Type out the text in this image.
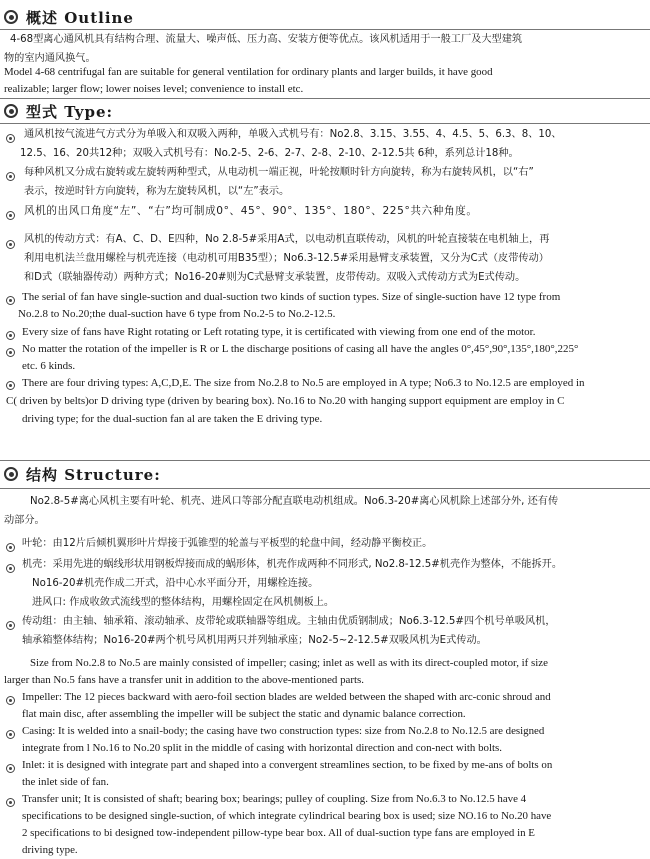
概述 Outline
4-68型离心通风机具有结构合理、流量大、噪声低、压力高、安装方便等优点。该风机适用于一般工厂及大型建筑
物的室内通风换气。
Model 4-68 centrifugal fan are suitable for general ventilation for ordinary plants and larger builds, it have good
realizable; larger flow; lower noises level; convenience to install etc.
型式 Type:
通风机按气流进气方式分为单吸入和双吸入两种，单吸入式机号有：No2.8、3.15、3.55、4、4.5、5、6.3、8、10、
12.5、16、20共12种；双吸入式机号有：No.2-5、2-6、2-7、2-8、2-10、2-12.5共 6种，系列总计18种。
每种风机又分成右旋转或左旋转两种型式，从电动机一端正视，叶轮按顺时针方向旋转，称为右旋转风机，以“右”
表示，按逆时针方向旋转，称为左旋转风机，以“左”表示。
风机的出风口角度“左”、“右”均可制成0°、45°、90°、135°、180°、225°共六种角度。
风机的传动方式：有A、C、D、E四种，No 2.8-5#采用A式，以电动机直联传动，风机的叶轮直接装在电机轴上，再
利用电机法兰盘用螺栓与机壳连接（电动机可用B35型）；No6.3-12.5#采用悬臂支承装置，又分为C式（皮带传动）
和D式（联轴器传动）两种方式；No16-20#则为C式悬臂支承装置，皮带传动。双吸入式传动方式为E式传动。
The serial of fan have single-suction and dual-suction two kinds of suction types. Size of single-suction have 12 type from
No.2.8 to No.20;the dual-suction have 6 type from No.2-5 to No.2-12.5.
Every size of fans have Right rotating or Left rotating type, it is certificated with viewing from one end of the motor.
No matter the rotation of the impeller is R or L the discharge positions of casing all have the angles 0°,45°,90°,135°,180°,225°
etc. 6 kinds.
There are four driving types: A,C,D,E. The size from No.2.8 to No.5 are employed in A type; No6.3 to No.12.5 are employed in
C( driven by belts)or D driving type (driven by bearing box). No.16 to No.20 with hanging support equipment are employ in C
driving type; for the dual-suction fan al are taken the E driving type.
结构 Structure:
No2.8-5#离心风机主要有叶轮、机壳、进风口等部分配直联电动机组成。No6.3-20#离心风机除上述部分外, 还有传
动部分。
叶轮：由12片后倾机翼形叶片焊接于弧锥型的轮盖与平板型的轮盘中间，经动静平衡校正。
机壳：采用先进的蜗线形状用钢板焊接而成的蜗形体，机壳作成两种不同形式, No2.8-12.5#机壳作为整体，不能拆开。
No16-20#机壳作成二开式，沿中心水平面分开，用螺栓连接。
进风口: 作成收敛式流线型的整体结构，用螺栓固定在风机侧板上。
传动组：由主轴、轴承箱、滚动轴承、皮带轮或联轴器等组成。主轴由优质钢制成；No6.3-12.5#四个机号单吸风机，
轴承箱整体结构；No16-20#两个机号风机用两只并列轴承座；No2-5~2-12.5#双吸风机为E式传动。
Size from No.2.8 to No.5 are mainly consisted of impeller; casing; inlet as well as with its direct-coupled motor, if size
larger than No.5 fans have a transfer unit in addition to the above-mentioned parts.
Impeller: The 12 pieces backward with aero-foil section blades are welded between the shaped with arc-conic shroud and
flat main disc, after assembling the impeller will be subject the static and dynamic balance correction.
Casing: It is welded into a snail-body; the casing have two construction types: size from No.2.8 to No.12.5 are designed
integrate from l No.16 to No.20 split in the middle of casing with horizontal direction and con-nect with bolts.
Inlet: it is designed with integrate part and shaped into a convergent streamlines section, to be fixed by me-ans of bolts on
the inlet side of fan.
Transfer unit; It is consisted of shaft; bearing box; bearings; pulley of coupling. Size from No.6.3 to No.12.5 have 4
specifications to be designed single-suction, of which integrate cylindrical bearing box is used; size NO.16 to No.20 have
2 specifications to bi designed tow-independent pillow-type bear box. All of dual-suction type fans are employed in E
driving type.
